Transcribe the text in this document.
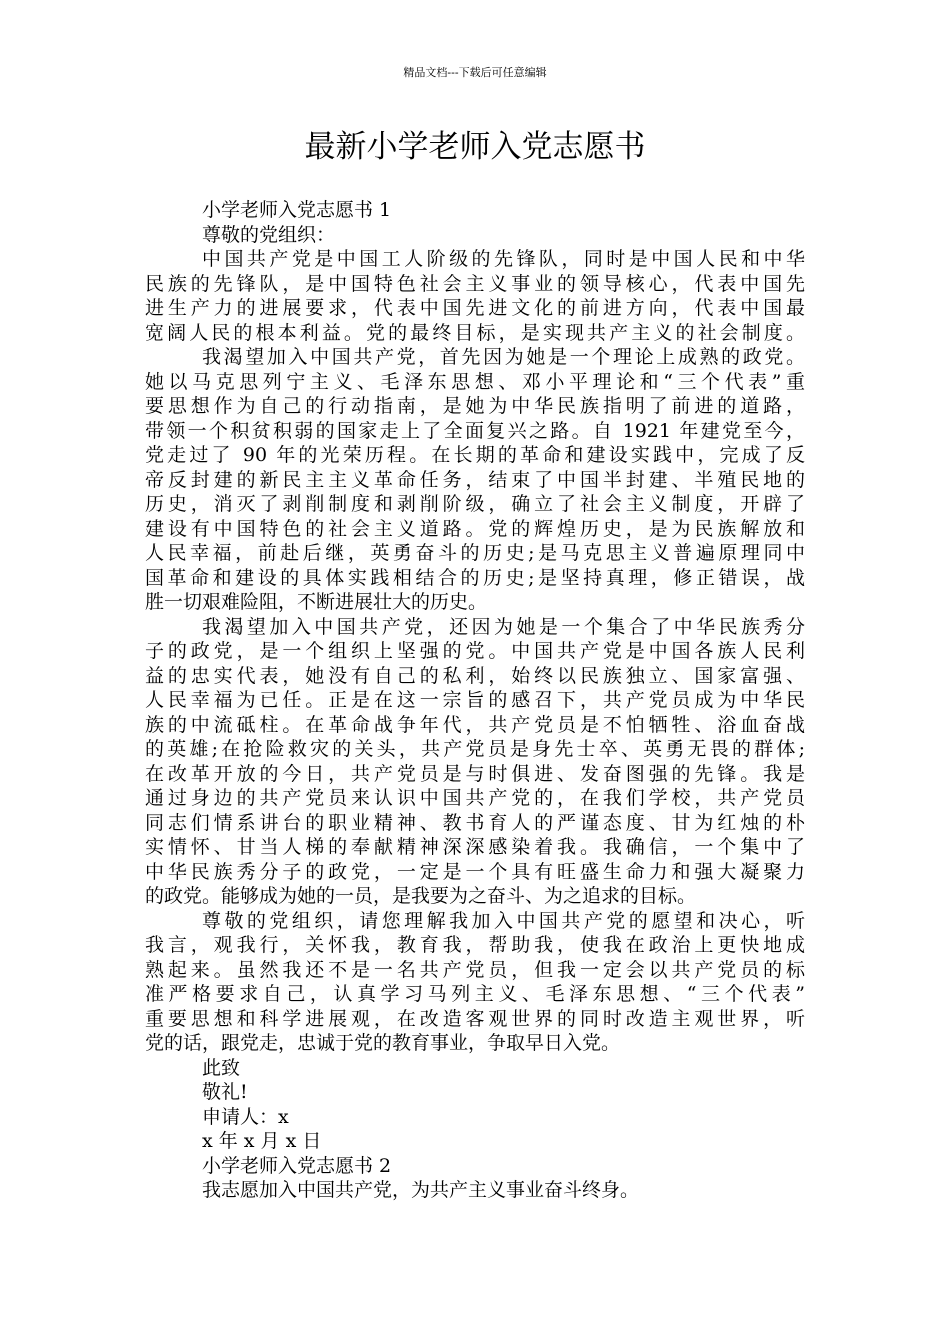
精品文档---下载后可任意编辑
最新小学老师入党志愿书
小学老师入党志愿书 1
尊敬的党组织：
中国共产党是中国工人阶级的先锋队，同时是中国人民和中华
民族的先锋队，是中国特色社会主义事业的领导核心，代表中国先
进生产力的进展要求，代表中国先进文化的前进方向，代表中国最
宽阔人民的根本利益。党的最终目标，是实现共产主义的社会制度。
我渴望加入中国共产党，首先因为她是一个理论上成熟的政党。
她以马克思列宁主义、毛泽东思想、邓小平理论和“三个代表”重
要思想作为自己的行动指南，是她为中华民族指明了前进的道路，
带领一个积贫积弱的国家走上了全面复兴之路。自 1921 年建党至今，
党走过了 90 年的光荣历程。在长期的革命和建设实践中，完成了反
帝反封建的新民主主义革命任务，结束了中国半封建、半殖民地的
历史，消灭了剥削制度和剥削阶级，确立了社会主义制度，开辟了
建设有中国特色的社会主义道路。党的辉煌历史，是为民族解放和
人民幸福，前赴后继，英勇奋斗的历史;是马克思主义普遍原理同中
国革命和建设的具体实践相结合的历史;是坚持真理，修正错误，战
胜一切艰难险阻，不断进展壮大的历史。
我渴望加入中国共产党，还因为她是一个集合了中华民族秀分
子的政党，是一个组织上坚强的党。中国共产党是中国各族人民利
益的忠实代表，她没有自己的私利，始终以民族独立、国家富强、
人民幸福为已任。正是在这一宗旨的感召下，共产党员成为中华民
族的中流砥柱。在革命战争年代，共产党员是不怕牺牲、浴血奋战
的英雄;在抢险救灾的关头，共产党员是身先士卒、英勇无畏的群体;
在改革开放的今日，共产党员是与时俱进、发奋图强的先锋。我是
通过身边的共产党员来认识中国共产党的，在我们学校，共产党员
同志们情系讲台的职业精神、教书育人的严谨态度、甘为红烛的朴
实情怀、甘当人梯的奉献精神深深感染着我。我确信，一个集中了
中华民族秀分子的政党，一定是一个具有旺盛生命力和强大凝聚力
的政党。能够成为她的一员，是我要为之奋斗、为之追求的目标。
尊敬的党组织，请您理解我加入中国共产党的愿望和决心，听
我言，观我行，关怀我，教育我，帮助我，使我在政治上更快地成
熟起来。虽然我还不是一名共产党员，但我一定会以共产党员的标
准严格要求自己，认真学习马列主义、毛泽东思想、“三个代表”
重要思想和科学进展观，在改造客观世界的同时改造主观世界，听
党的话，跟党走，忠诚于党的教育事业，争取早日入党。
此致
敬礼!
申请人：x
x 年 x 月 x 日
小学老师入党志愿书 2
我志愿加入中国共产党，为共产主义事业奋斗终身。
